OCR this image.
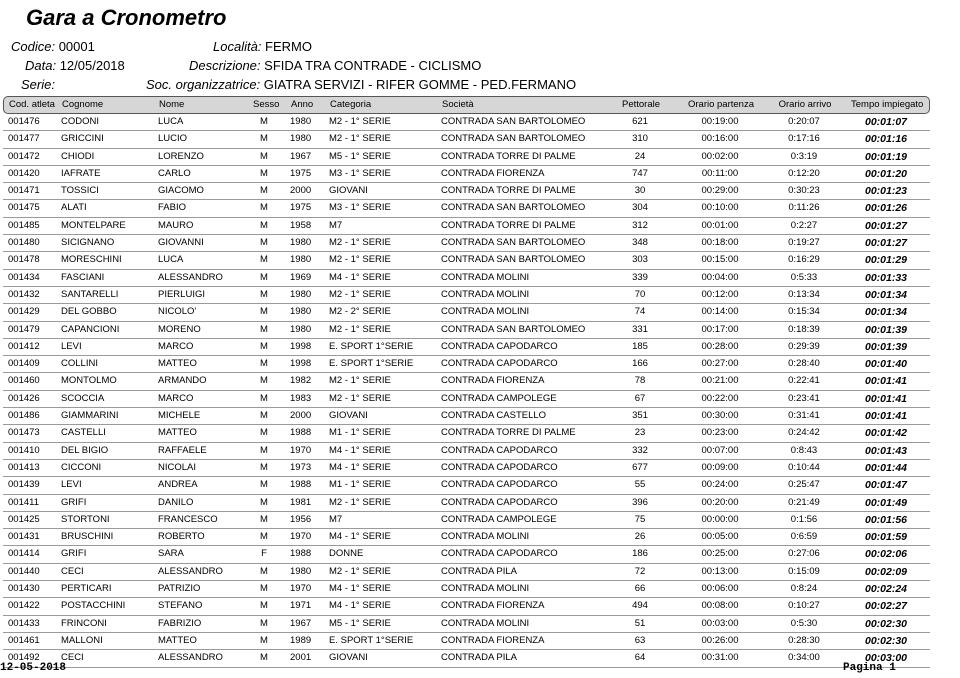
Gara a Cronometro
Codice: 00001
Data: 12/05/2018
Serie:
Località: FERMO
Descrizione: SFIDA TRA CONTRADE - CICLISMO
Soc. organizzatrice: GIATRA SERVIZI - RIFER GOMME - PED.FERMANO
Cod. atleta Cognome	Nome	Sesso Anno Categoria	Società	Pettorale	Orario partenza	Orario arrivo	Tempo impiegato
001476 CODONI	LUCA	M	1980 M2 - 1° SERIE	CONTRADA SAN BARTOLOMEO	621	00:19:00	0:20:07	00:01:07
001477 GRICCINI	LUCIO	M	1980 M2 - 1° SERIE	CONTRADA SAN BARTOLOMEO	310	00:16:00	0:17:16	00:01:16
001472 CHIODI	LORENZO	M	1967 M5 - 1° SERIE	CONTRADA TORRE DI PALME	24	00:02:00	0:3:19	00:01:19
001420 IAFRATE	CARLO	M	1975 M3 - 1° SERIE	CONTRADA FIORENZA	747	00:11:00	0:12:20	00:01:20
001471 TOSSICI	GIACOMO	M	2000 GIOVANI	CONTRADA TORRE DI PALME	30	00:29:00	0:30:23	00:01:23
001475 ALATI	FABIO	M	1975 M3 - 1° SERIE	CONTRADA SAN BARTOLOMEO	304	00:10:00	0:11:26	00:01:26
001485 MONTELPARE	MAURO	M	1958 M7	CONTRADA TORRE DI PALME	312	00:01:00	0:2:27	00:01:27
001480 SICIGNANO	GIOVANNI	M	1980 M2 - 1° SERIE	CONTRADA SAN BARTOLOMEO	348	00:18:00	0:19:27	00:01:27
001478 MORESCHINI	LUCA	M	1980 M2 - 1° SERIE	CONTRADA SAN BARTOLOMEO	303	00:15:00	0:16:29	00:01:29
001434 FASCIANI	ALESSANDRO	M	1969 M4 - 1° SERIE	CONTRADA MOLINI	339	00:04:00	0:5:33	00:01:33
001432 SANTARELLI	PIERLUIGI	M	1980 M2 - 1° SERIE	CONTRADA MOLINI	70	00:12:00	0:13:34	00:01:34
001429 DEL GOBBO	NICOLO'	M	1980 M2 - 2° SERIE	CONTRADA MOLINI	74	00:14:00	0:15:34	00:01:34
001479 CAPANCIONI	MORENO	M	1980 M2 - 1° SERIE	CONTRADA SAN BARTOLOMEO	331	00:17:00	0:18:39	00:01:39
001412 LEVI	MARCO	M	1998 E. SPORT 1°SERIE	CONTRADA CAPODARCO	185	00:28:00	0:29:39	00:01:39
001409 COLLINI	MATTEO	M	1998 E. SPORT 1°SERIE	CONTRADA CAPODARCO	166	00:27:00	0:28:40	00:01:40
001460 MONTOLMO	ARMANDO	M	1982 M2 - 1° SERIE	CONTRADA FIORENZA	78	00:21:00	0:22:41	00:01:41
001426 SCOCCIA	MARCO	M	1983 M2 - 1° SERIE	CONTRADA CAMPOLEGE	67	00:22:00	0:23:41	00:01:41
001486 GIAMMARINI	MICHELE	M	2000 GIOVANI	CONTRADA CASTELLO	351	00:30:00	0:31:41	00:01:41
001473 CASTELLI	MATTEO	M	1988 M1 - 1° SERIE	CONTRADA TORRE DI PALME	23	00:23:00	0:24:42	00:01:42
001410 DEL BIGIO	RAFFAELE	M	1970 M4 - 1° SERIE	CONTRADA CAPODARCO	332	00:07:00	0:8:43	00:01:43
001413 CICCONI	NICOLAI	M	1973 M4 - 1° SERIE	CONTRADA CAPODARCO	677	00:09:00	0:10:44	00:01:44
001439 LEVI	ANDREA	M	1988 M1 - 1° SERIE	CONTRADA CAPODARCO	55	00:24:00	0:25:47	00:01:47
001411 GRIFI	DANILO	M	1981 M2 - 1° SERIE	CONTRADA CAPODARCO	396	00:20:00	0:21:49	00:01:49
001425 STORTONI	FRANCESCO	M	1956 M7	CONTRADA CAMPOLEGE	75	00:00:00	0:1:56	00:01:56
001431 BRUSCHINI	ROBERTO	M	1970 M4 - 1° SERIE	CONTRADA MOLINI	26	00:05:00	0:6:59	00:01:59
001414 GRIFI	SARA	F	1988 DONNE	CONTRADA CAPODARCO	186	00:25:00	0:27:06	00:02:06
001440 CECI	ALESSANDRO	M	1980 M2 - 1° SERIE	CONTRADA PILA	72	00:13:00	0:15:09	00:02:09
001430 PERTICARI	PATRIZIO	M	1970 M4 - 1° SERIE	CONTRADA MOLINI	66	00:06:00	0:8:24	00:02:24
001422 POSTACCHINI	STEFANO	M	1971 M4 - 1° SERIE	CONTRADA FIORENZA	494	00:08:00	0:10:27	00:02:27
001433 FRINCONI	FABRIZIO	M	1967 M5 - 1° SERIE	CONTRADA MOLINI	51	00:03:00	0:5:30	00:02:30
001461 MALLONI	MATTEO	M	1989 E. SPORT 1°SERIE	CONTRADA FIORENZA	63	00:26:00	0:28:30	00:02:30
001492 CECI	ALESSANDRO	M	2001 GIOVANI	CONTRADA PILA	64	00:31:00	0:34:00	00:03:00
12-05-2018	Pagina 1
